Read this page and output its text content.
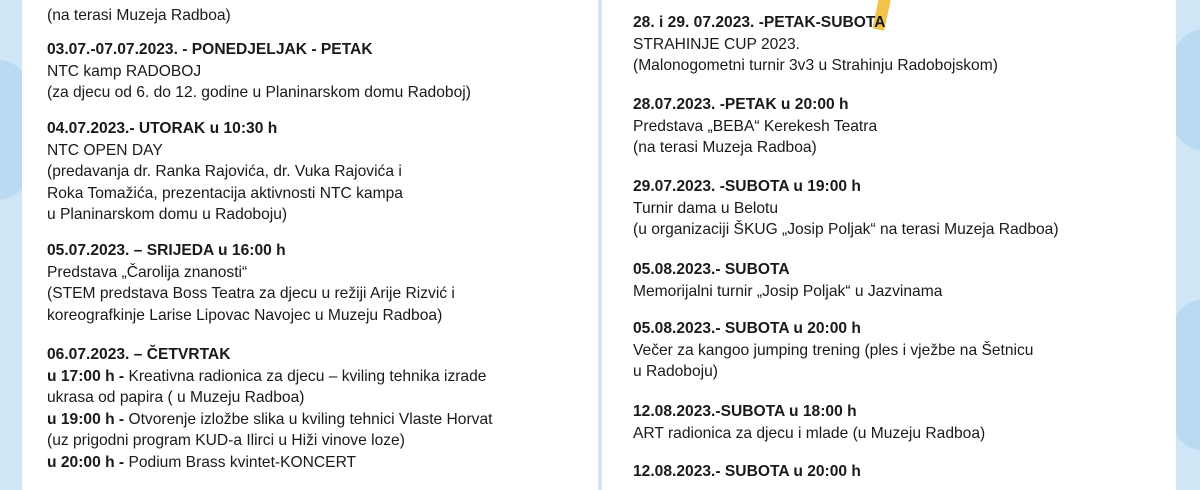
(na terasi Muzeja Radboa)
03.07.-07.07.2023. - PONEDJELJAK - PETAK
NTC kamp RADOBOJ
(za djecu od 6. do 12. godine u Planinarskom domu Radoboj)
04.07.2023.- UTORAK u 10:30 h
NTC OPEN DAY
(predavanja dr. Ranka Rajovića, dr. Vuka Rajovića i
Roka Tomažića, prezentacija aktivnosti NTC kampa
u Planinarskom domu u Radoboju)
05.07.2023. – SRIJEDA u 16:00 h
Predstava „Čarolija znanosti“
(STEM predstava Boss Teatra za djecu u režiji Arije Rizvić i
koreografkinje Larise Lipovac Navojec u Muzeju Radboa)
06.07.2023. – ČETVRTAK
u 17:00 h - Kreativna radionica za djecu – kviling tehnika izrade
ukrasa od papira ( u Muzeju Radboa)
u 19:00 h - Otvorenje izložbe slika u kviling tehnici Vlaste Horvat
(uz prigodni program KUD-a Ilirci u Hiži vinove loze)
u 20:00 h - Podium Brass kvintet-KONCERT
28. i 29. 07.2023. -PETAK-SUBOTA
STRAHINJE CUP 2023.
(Malonogometni turnir 3v3 u Strahinju Radobojskom)
28.07.2023. -PETAK u 20:00 h
Predstava „BEBA“ Kerekesh Teatra
(na terasi Muzeja Radboa)
29.07.2023. -SUBOTA u 19:00 h
Turnir dama u Belotu
(u organizaciji ŠKUG „Josip Poljak“ na terasi Muzeja Radboa)
05.08.2023.- SUBOTA
Memorijalni turnir „Josip Poljak“ u Jazvinama
05.08.2023.- SUBOTA u 20:00 h
Večer za kangoo jumping trening (ples i vježbe na Šetnicu
u Radoboju)
12.08.2023.-SUBOTA u 18:00 h
ART radionica za djecu i mlade (u Muzeju Radboa)
12.08.2023.- SUBOTA u 20:00 h
